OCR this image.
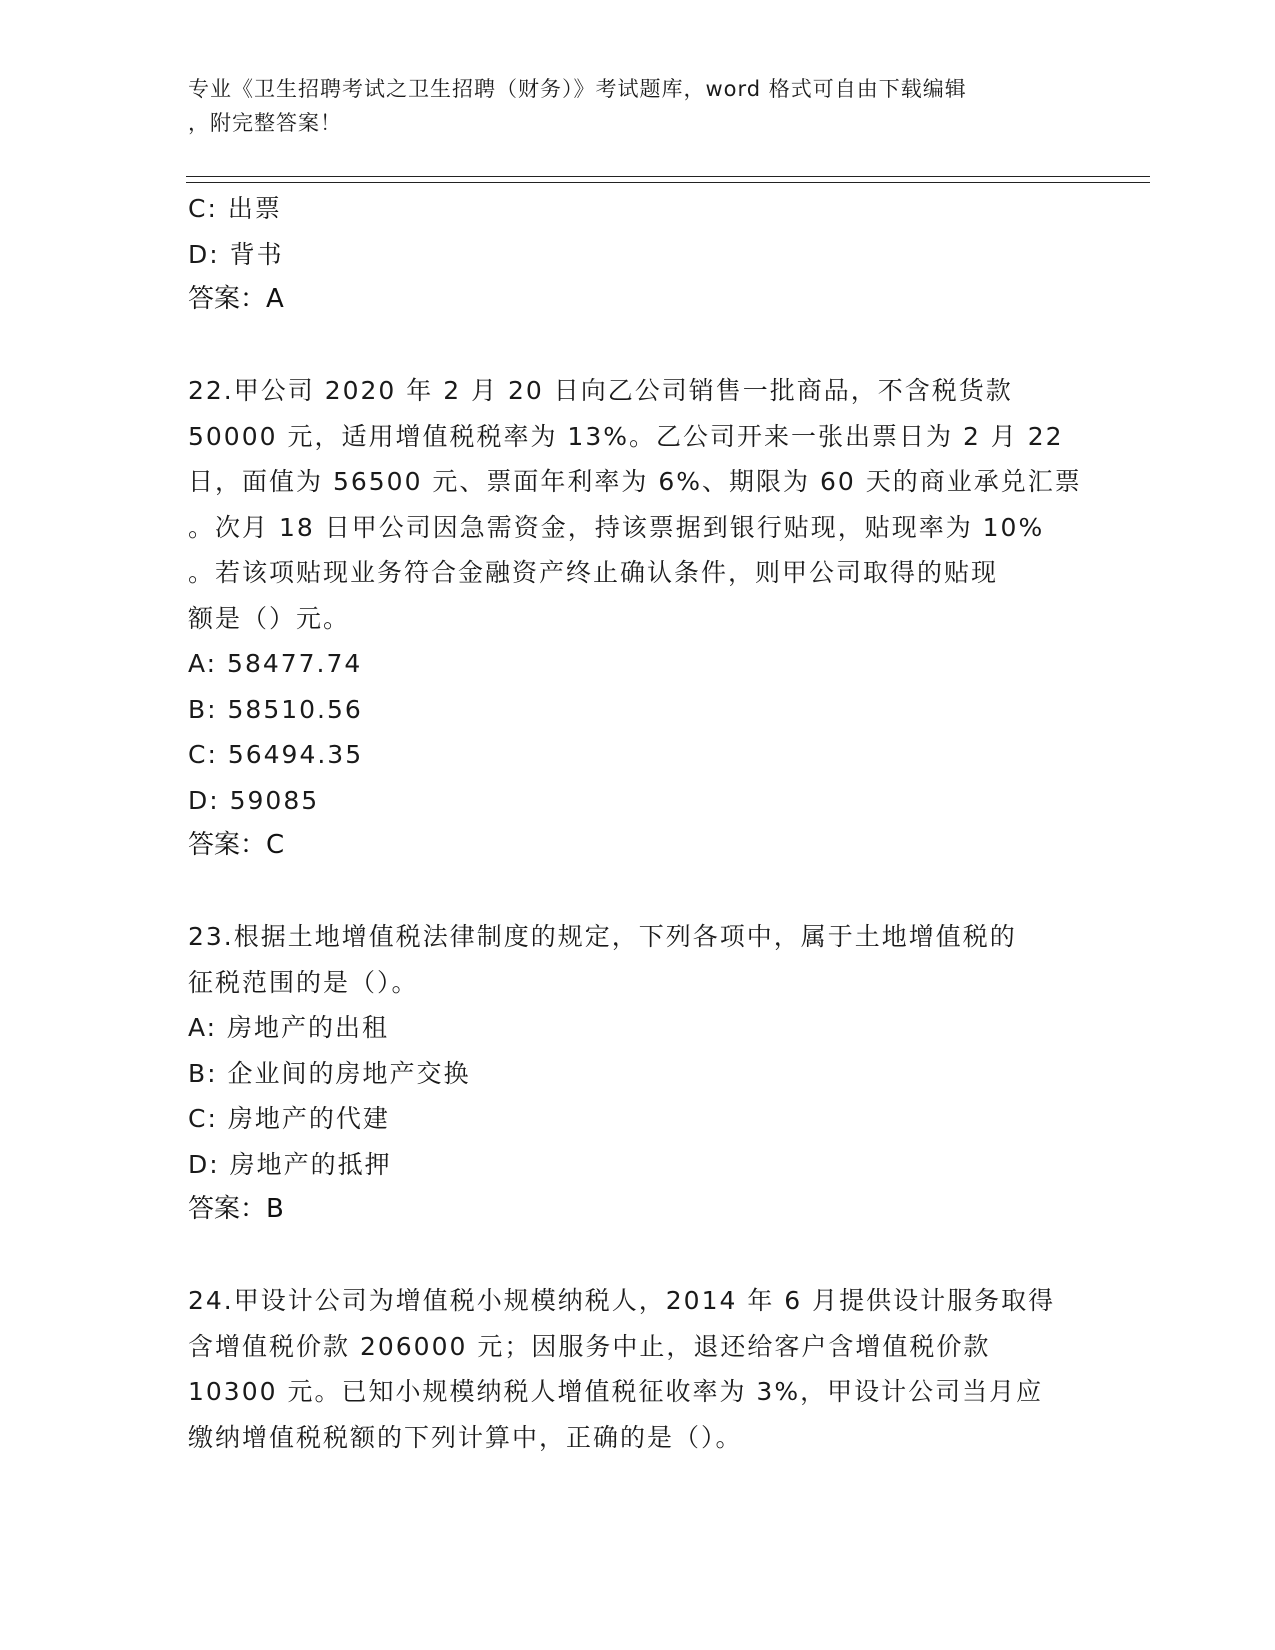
专业《卫生招聘考试之卫生招聘（财务）》考试题库，word 格式可自由下载编辑
，附完整答案！
C: 出票
D: 背书
答案：A
22.甲公司 2020 年 2 月 20 日向乙公司销售一批商品，不含税货款
50000 元，适用增值税税率为 13%。乙公司开来一张出票日为 2 月 22
日，面值为 56500 元、票面年利率为 6%、期限为 60 天的商业承兑汇票
。次月 18 日甲公司因急需资金，持该票据到银行贴现，贴现率为 10%
。若该项贴现业务符合金融资产终止确认条件，则甲公司取得的贴现
额是（）元。
A: 58477.74
B: 58510.56
C: 56494.35
D: 59085
答案：C
23.根据土地增值税法律制度的规定，下列各项中，属于土地增值税的
征税范围的是（）。
A: 房地产的出租
B: 企业间的房地产交换
C: 房地产的代建
D: 房地产的抵押
答案：B
24.甲设计公司为增值税小规模纳税人，2014 年 6 月提供设计服务取得
含增值税价款 206000 元；因服务中止，退还给客户含增值税价款
10300 元。已知小规模纳税人增值税征收率为 3%，甲设计公司当月应
缴纳增值税税额的下列计算中，正确的是（）。
